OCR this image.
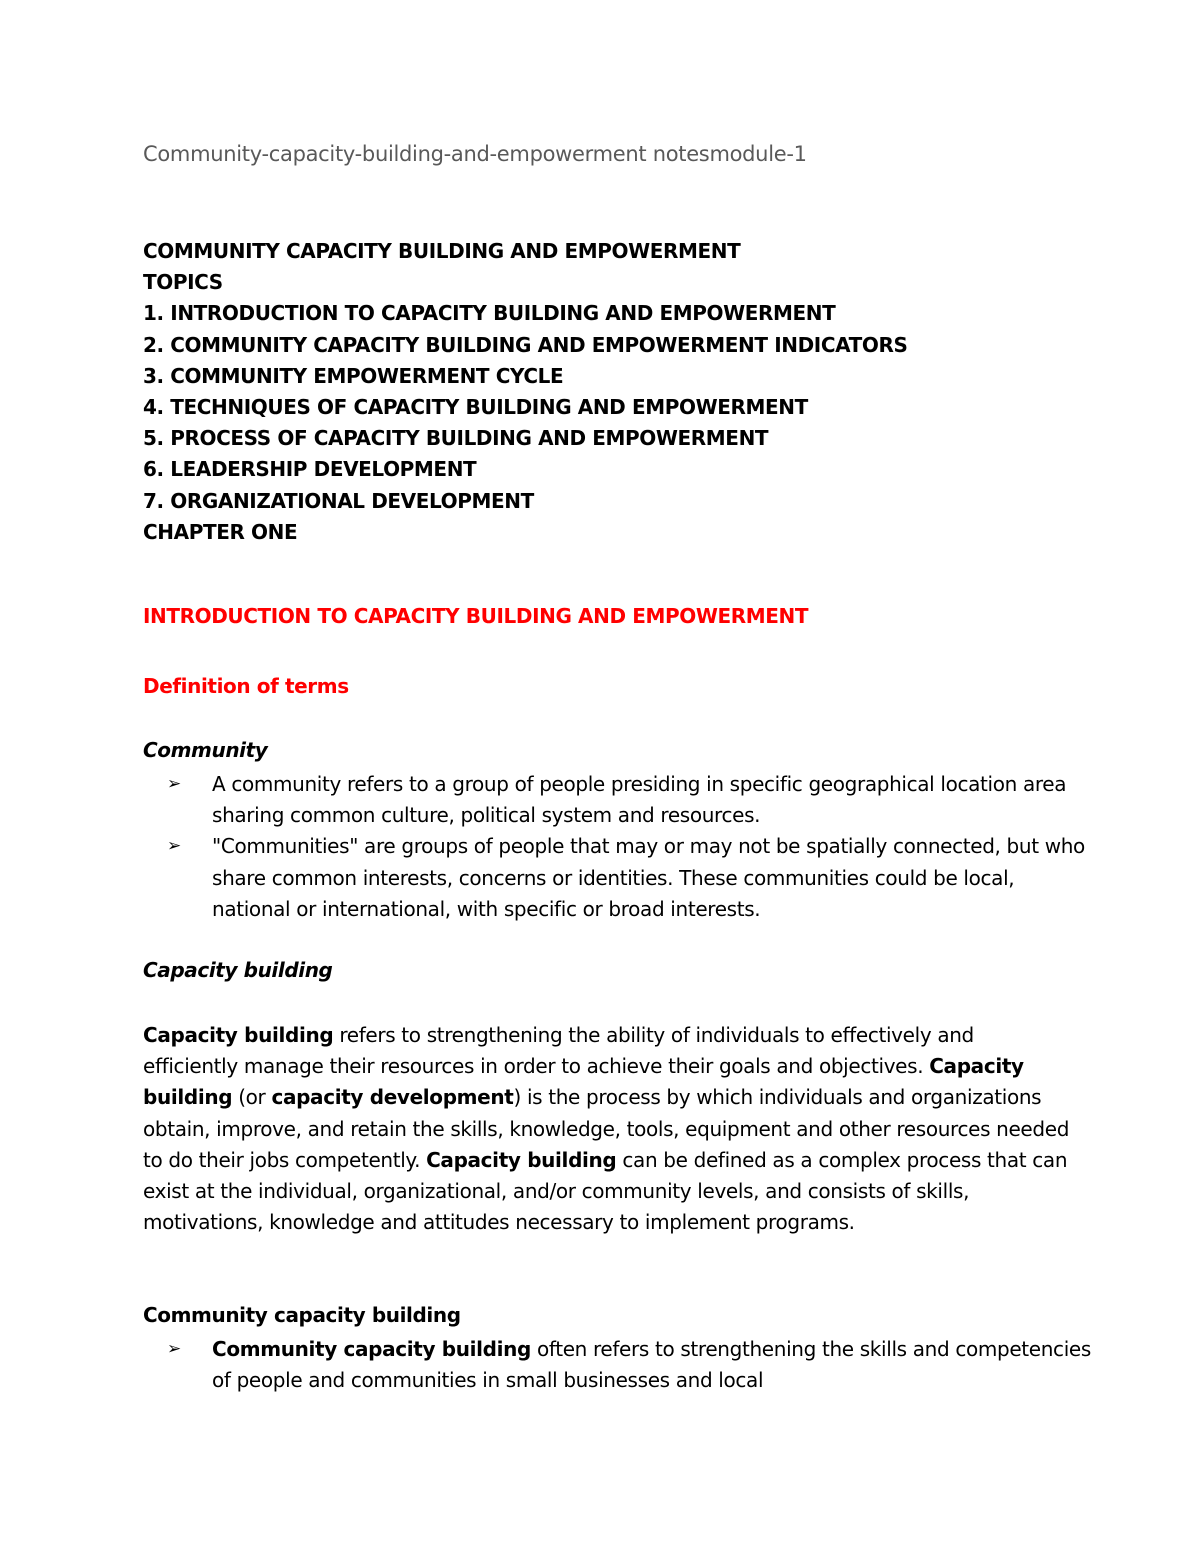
Community-capacity-building-and-empowerment notesmodule-1
COMMUNITY CAPACITY BUILDING AND EMPOWERMENT
TOPICS
1. INTRODUCTION TO CAPACITY BUILDING AND EMPOWERMENT
2. COMMUNITY CAPACITY BUILDING AND EMPOWERMENT INDICATORS
3. COMMUNITY EMPOWERMENT CYCLE
4. TECHNIQUES OF CAPACITY BUILDING AND EMPOWERMENT
5. PROCESS OF CAPACITY BUILDING AND EMPOWERMENT
6. LEADERSHIP DEVELOPMENT
7. ORGANIZATIONAL DEVELOPMENT
CHAPTER ONE
INTRODUCTION TO CAPACITY BUILDING AND EMPOWERMENT
Definition of terms
Community
➢ A community refers to a group of people presiding in specific geographical location area sharing common culture, political system and resources.
➢ "Communities" are groups of people that may or may not be spatially connected, but who share common interests, concerns or identities. These communities could be local, national or international, with specific or broad interests.
Capacity building
Capacity building refers to strengthening the ability of individuals to effectively and efficiently manage their resources in order to achieve their goals and objectives. Capacity building (or capacity development) is the process by which individuals and organizations obtain, improve, and retain the skills, knowledge, tools, equipment and other resources needed to do their jobs competently. Capacity building can be defined as a complex process that can exist at the individual, organizational, and/or community levels, and consists of skills, motivations, knowledge and attitudes necessary to implement programs.
Community capacity building
➢ Community capacity building often refers to strengthening the skills and competencies of people and communities in small businesses and local
